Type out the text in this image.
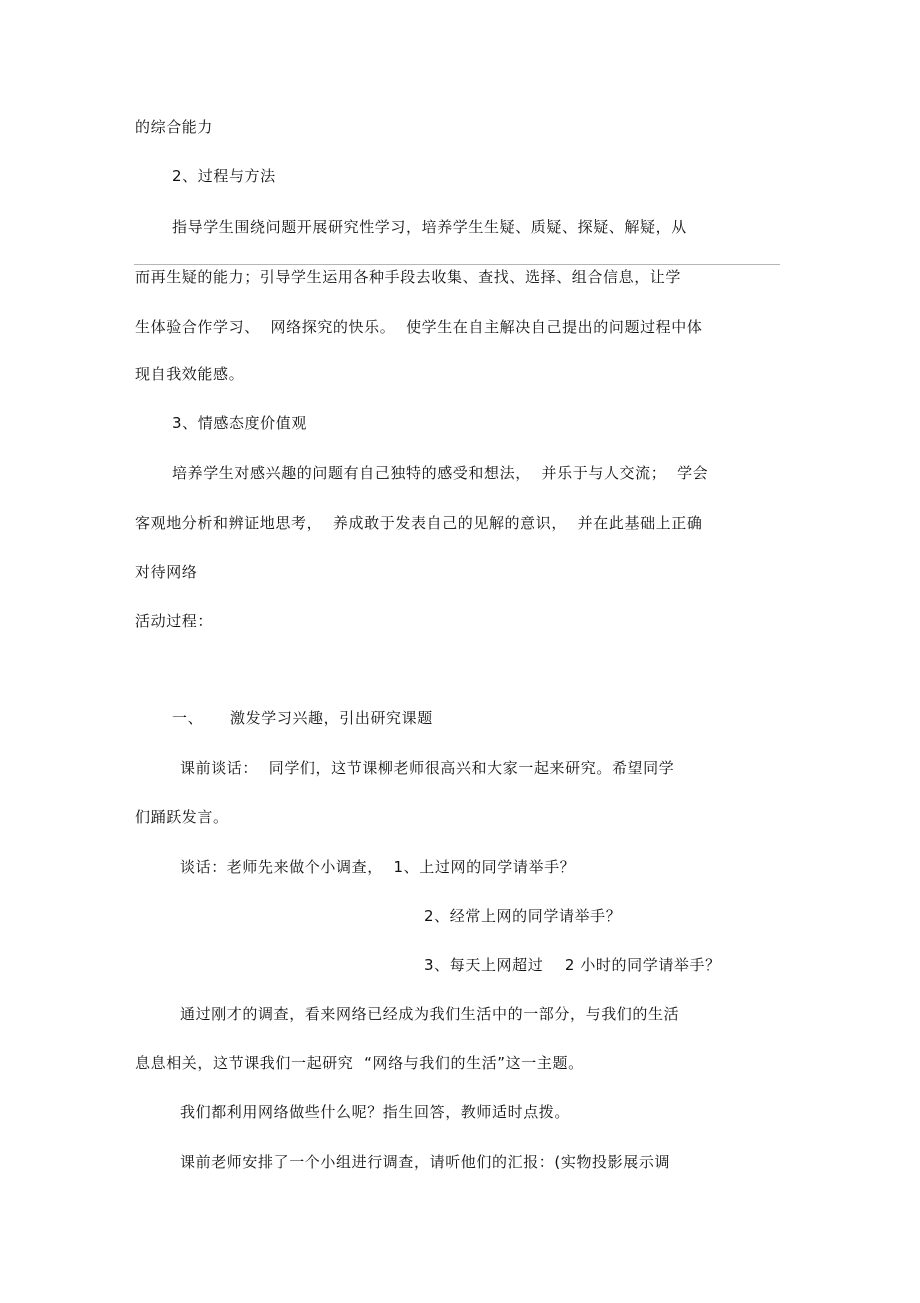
的综合能力
2、过程与方法
指导学生围绕问题开展研究性学习，培养学生生疑、质疑、探疑、解疑，从
而再生疑的能力；引导学生运用各种手段去收集、查找、选择、组合信息，让学
生体验合作学习、  网络探究的快乐。  使学生在自主解决自己提出的问题过程中体
现自我效能感。
3、情感态度价值观
培养学生对感兴趣的问题有自己独特的感受和想法，  并乐于与人交流；  学会
客观地分析和辨证地思考，  养成敢于发表自己的见解的意识，  并在此基础上正确
对待网络
活动过程：
一、     激发学习兴趣，引出研究课题
课前谈话：  同学们，这节课柳老师很高兴和大家一起来研究。希望同学
们踊跃发言。
谈话：老师先来做个小调查，  1、上过网的同学请举手？
2、经常上网的同学请举手？
3、每天上网超过    2 小时的同学请举手？
通过刚才的调查，看来网络已经成为我们生活中的一部分，与我们的生活
息息相关，这节课我们一起研究  “网络与我们的生活”这一主题。
我们都利用网络做些什么呢？指生回答，教师适时点拨。
课前老师安排了一个小组进行调查，请听他们的汇报：(实物投影展示调
